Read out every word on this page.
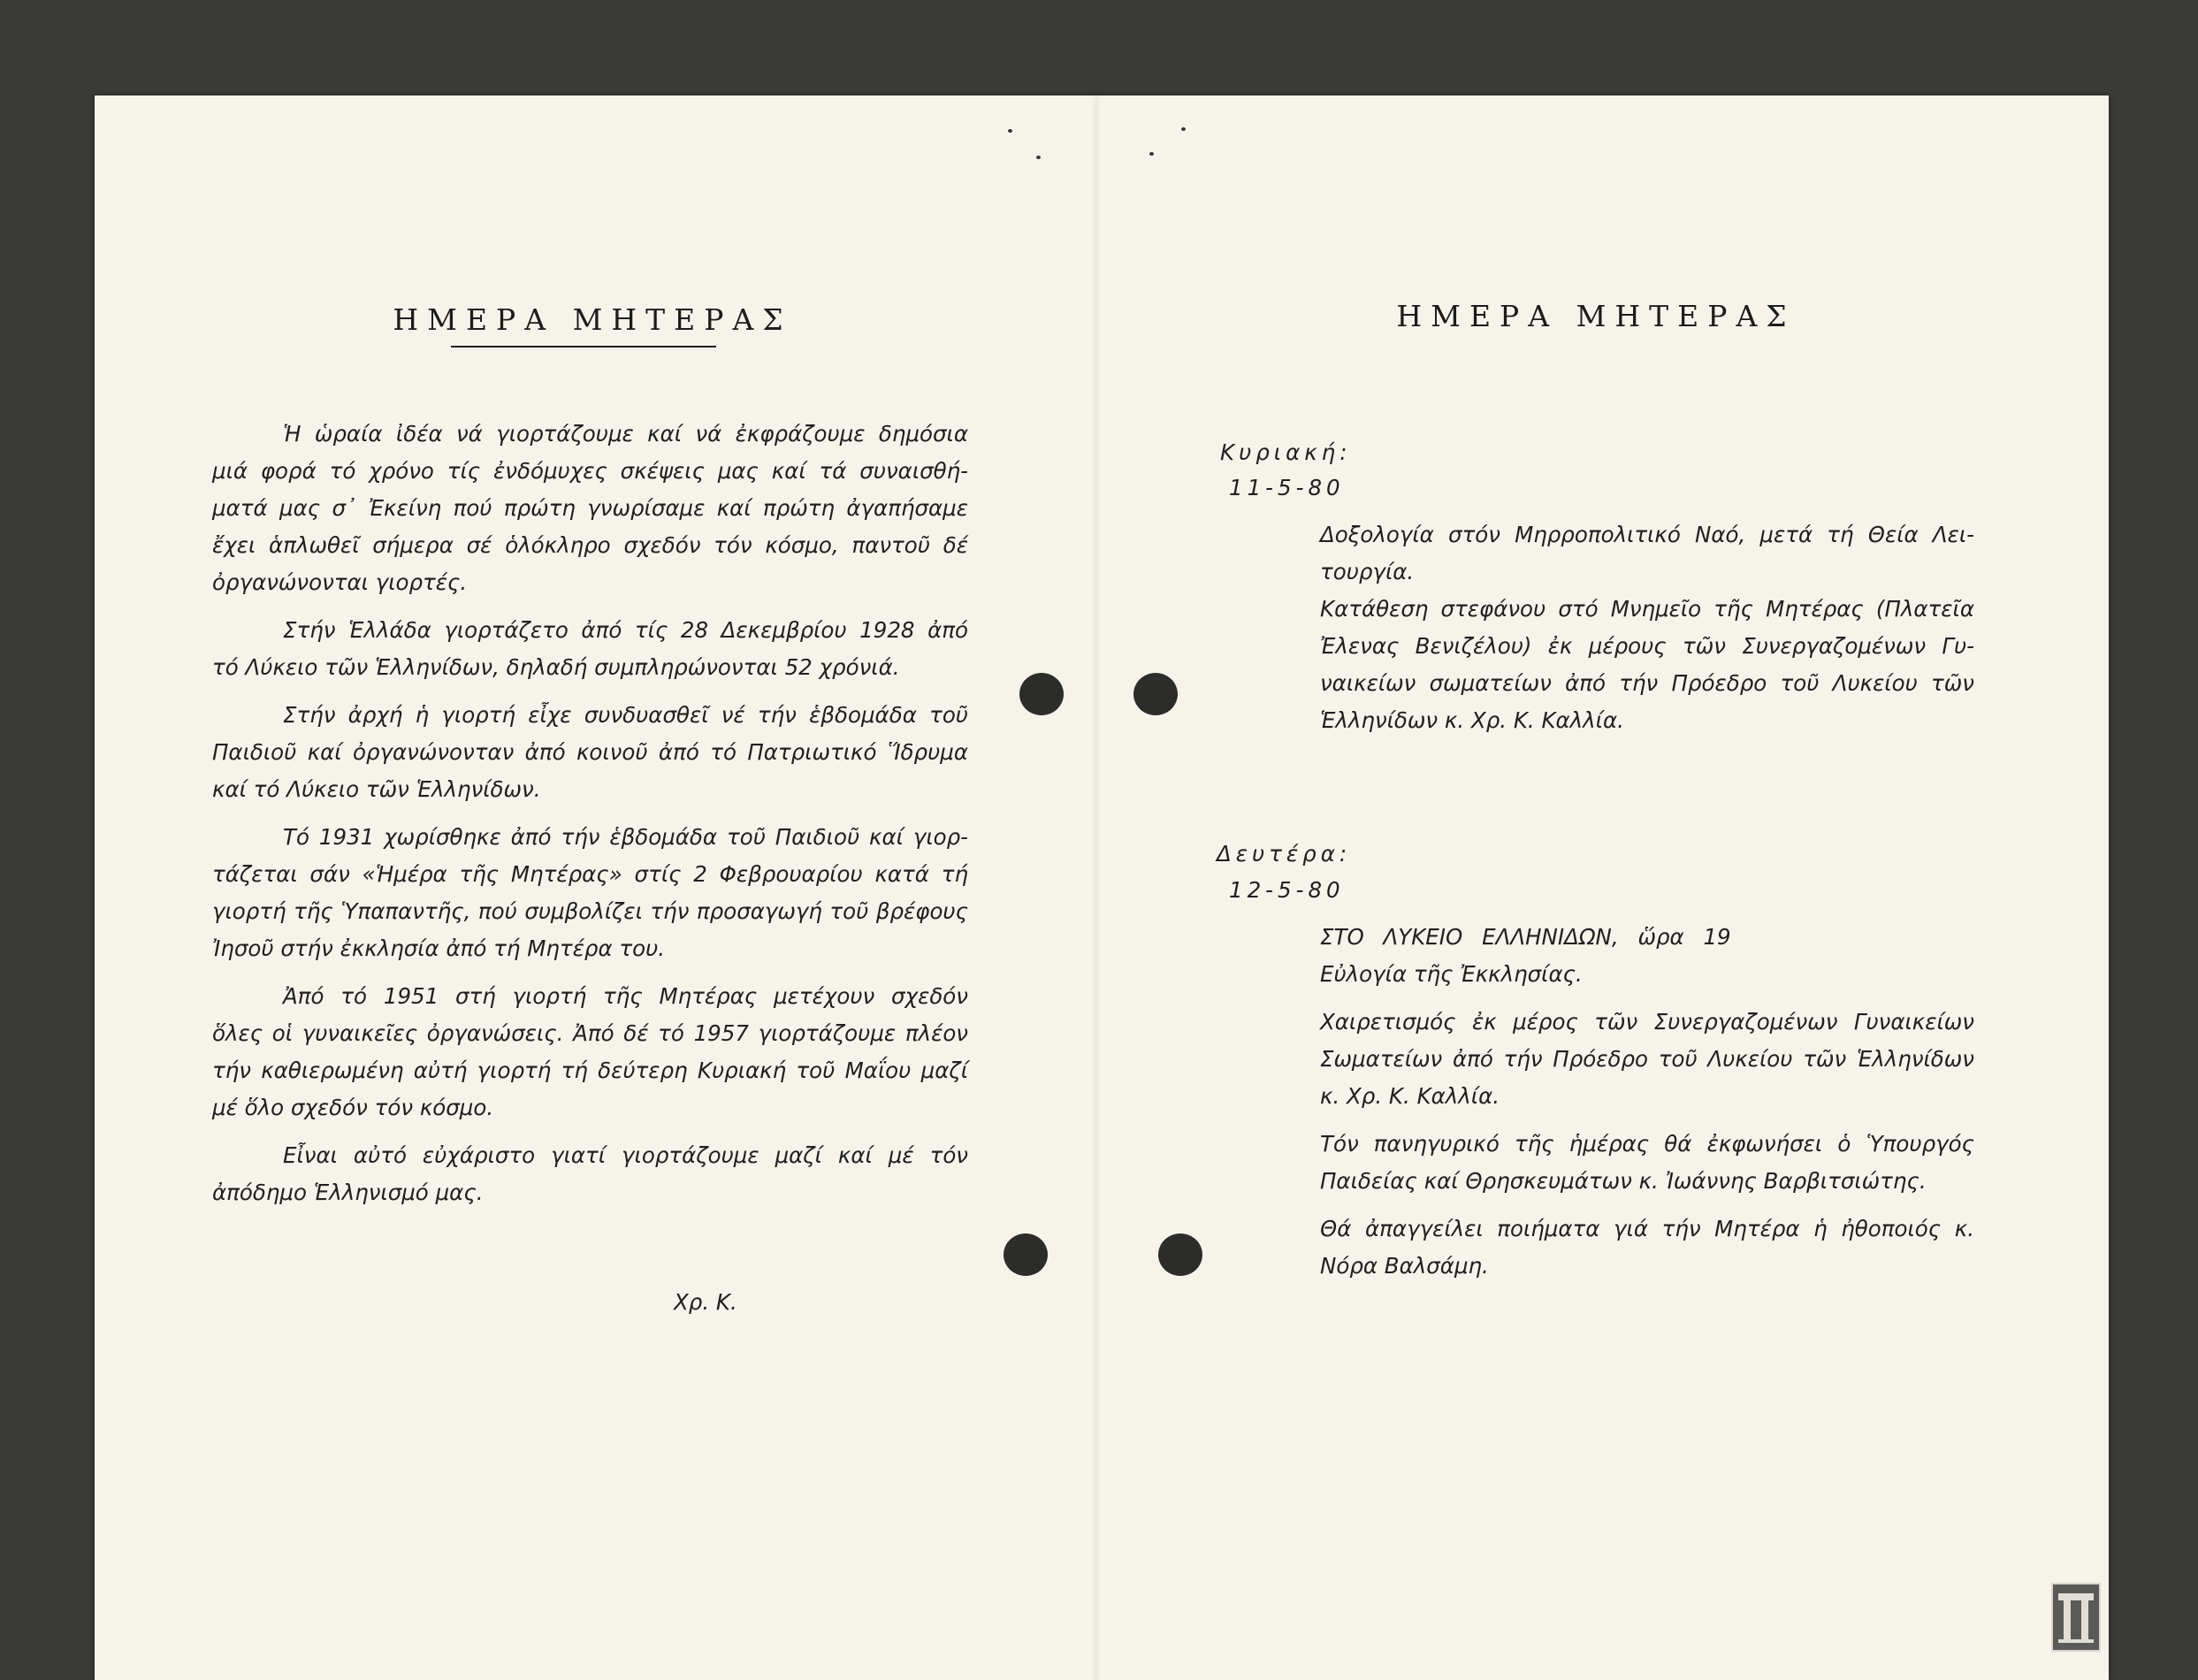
ΗΜΕΡΑ ΜΗΤΕΡΑΣ
Ἡ ὡραία ἰδέα νά γιορτάζουμε καί νά ἐκφράζουμε δημόσια
μιά φορά τό χρόνο τίς ἐνδόμυχες σκέψεις μας καί τά συναισθή-
ματά μας σ᾽ Ἐκείνη πού πρώτη γνωρίσαμε καί πρώτη ἀγαπήσαμε
ἔχει ἁπλωθεῖ σήμερα σέ ὁλόκληρο σχεδόν τόν κόσμο, παντοῦ δέ
ὀργανώνονται γιορτές.
Στήν Ἑλλάδα γιορτάζετο ἀπό τίς 28 Δεκεμβρίου 1928 ἀπό
τό Λύκειο τῶν Ἑλληνίδων, δηλαδή συμπληρώνονται 52 χρόνιά.
Στήν ἀρχή ἡ γιορτή εἶχε συνδυασθεῖ νέ τήν ἑβδομάδα τοῦ
Παιδιοῦ καί ὀργανώνονταν ἀπό κοινοῦ ἀπό τό Πατριωτικό Ἵδρυμα
καί τό Λύκειο τῶν Ἑλληνίδων.
Τό 1931 χωρίσθηκε ἀπό τήν ἑβδομάδα τοῦ Παιδιοῦ καί γιορ-
τάζεται σάν «Ἡμέρα τῆς Μητέρας» στίς 2 Φεβρουαρίου κατά τή
γιορτή τῆς Ὑπαπαντῆς, πού συμβολίζει τήν προσαγωγή τοῦ βρέφους
Ἰησοῦ στήν ἐκκλησία ἀπό τή Μητέρα του.
Ἀπό τό 1951 στή γιορτή τῆς Μητέρας μετέχουν σχεδόν
ὅλες οἱ γυναικεῖες ὀργανώσεις. Ἀπό δέ τό 1957 γιορτάζουμε πλέον
τήν καθιερωμένη αὐτή γιορτή τή δεύτερη Κυριακή τοῦ Μαΐου μαζί
μέ ὅλο σχεδόν τόν κόσμο.
Εἶναι αὐτό εὐχάριστο γιατί γιορτάζουμε μαζί καί μέ τόν
ἀπόδημο Ἑλληνισμό μας.
Χρ. Κ.
ΗΜΕΡΑ ΜΗΤΕΡΑΣ
Κυριακή:
11-5-80
Δοξολογία στόν Μηρροπολιτικό Ναό, μετά τή Θεία Λει-
τουργία.
Κατάθεση στεφάνου στό Μνημεῖο τῆς Μητέρας (Πλατεῖα
Ἐλενας Βενιζέλου) ἐκ μέρους τῶν Συνεργαζομένων Γυ-
ναικείων σωματείων ἀπό τήν Πρόεδρο τοῦ Λυκείου τῶν
Ἑλληνίδων κ. Χρ. Κ. Καλλία.
Δευτέρα:
12-5-80
ΣΤΟ ΛΥΚΕΙΟ ΕΛΛΗΝΙΔΩΝ, ὥρα 19
Εὐλογία τῆς Ἐκκλησίας.
Χαιρετισμός ἐκ μέρος τῶν Συνεργαζομένων Γυναικείων
Σωματείων ἀπό τήν Πρόεδρο τοῦ Λυκείου τῶν Ἑλληνίδων
κ. Χρ. Κ. Καλλία.
Τόν πανηγυρικό τῆς ἡμέρας θά ἐκφωνήσει ὁ Ὑπουργός
Παιδείας καί Θρησκευμάτων κ. Ἰωάννης Βαρβιτσιώτης.
Θά ἀπαγγείλει ποιήματα γιά τήν Μητέρα ἡ ἠθοποιός κ.
Νόρα Βαλσάμη.
